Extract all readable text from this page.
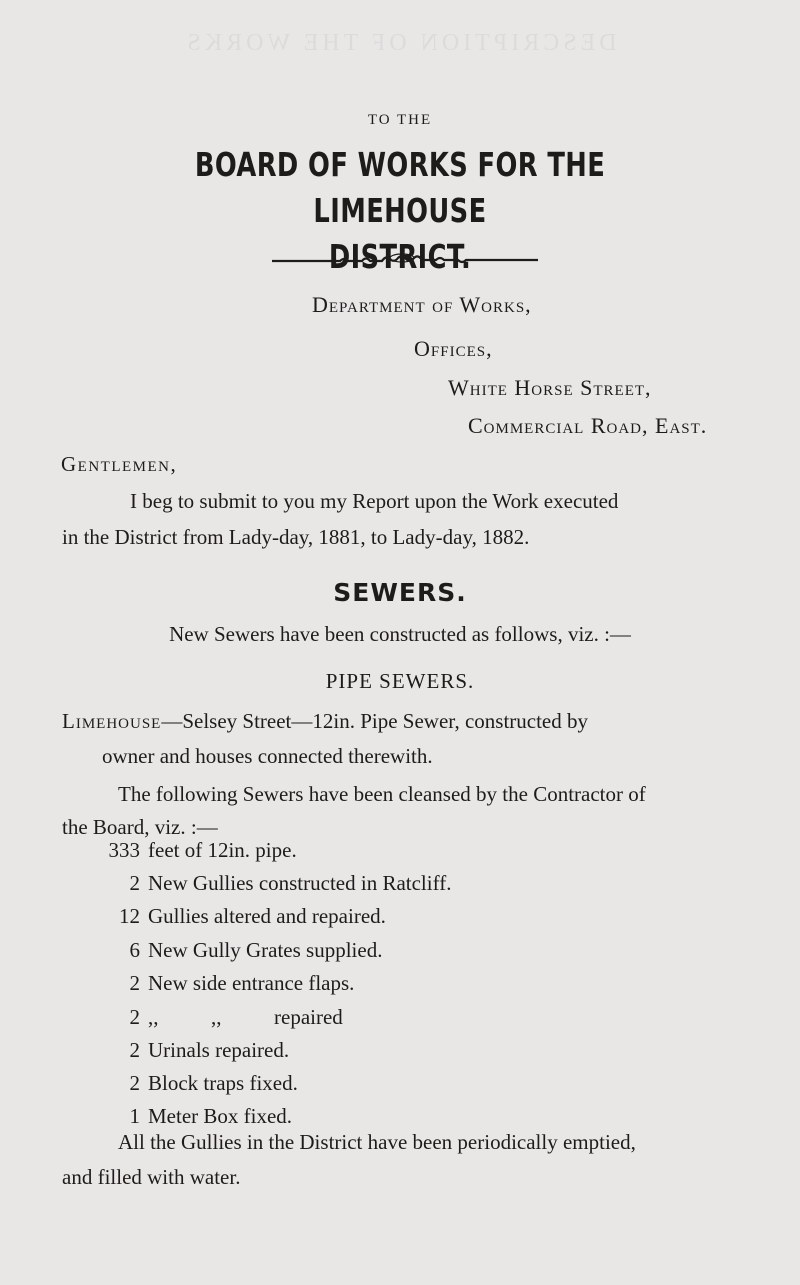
DESCRIPTION OF THE WORKS
TO THE
BOARD OF WORKS FOR THE LIMEHOUSE
DISTRICT.
Department of Works,
Offices,
White Horse Street,
Commercial Road, East.
Gentlemen,
I beg to submit to you my Report upon the Work executed
in the District from Lady-day, 1881, to Lady-day, 1882.
SEWERS.
New Sewers have been constructed as follows, viz. :—
PIPE SEWERS.
Limehouse—Selsey Street—12in. Pipe Sewer, constructed by
owner and houses connected therewith.
The following Sewers have been cleansed by the Contractor of
the Board, viz. :—
333 feet of 12in. pipe.
2 New Gullies constructed in Ratcliff.
12 Gullies altered and repaired.
6 New Gully Grates supplied.
2 New side entrance flaps.
2 ,,          ,,          repaired
2 Urinals repaired.
2 Block traps fixed.
1 Meter Box fixed.
All the Gullies in the District have been periodically emptied,
and filled with water.
